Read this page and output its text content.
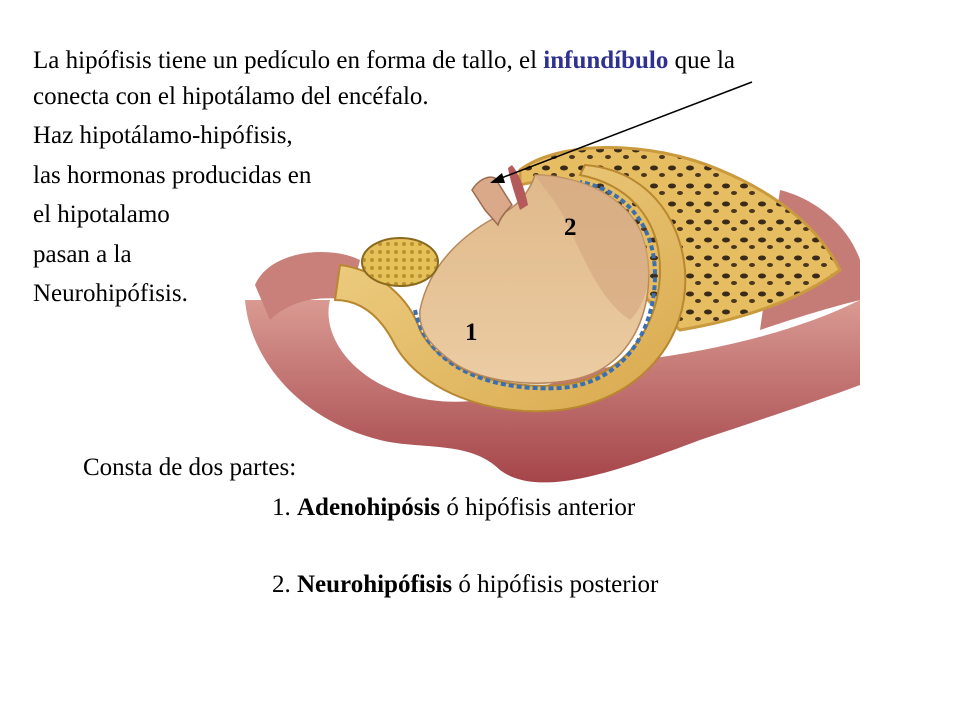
La hipófisis tiene un pedículo en forma de tallo, el infundíbulo que la
conecta con el hipotálamo del encéfalo.
Haz hipotálamo-hipófisis,
las hormonas producidas en
el hipotalamo
pasan a la
Neurohipófisis.
2
1
Consta de dos partes:
1. Adenohipósis ó hipófisis anterior
2. Neurohipófisis ó hipófisis posterior
